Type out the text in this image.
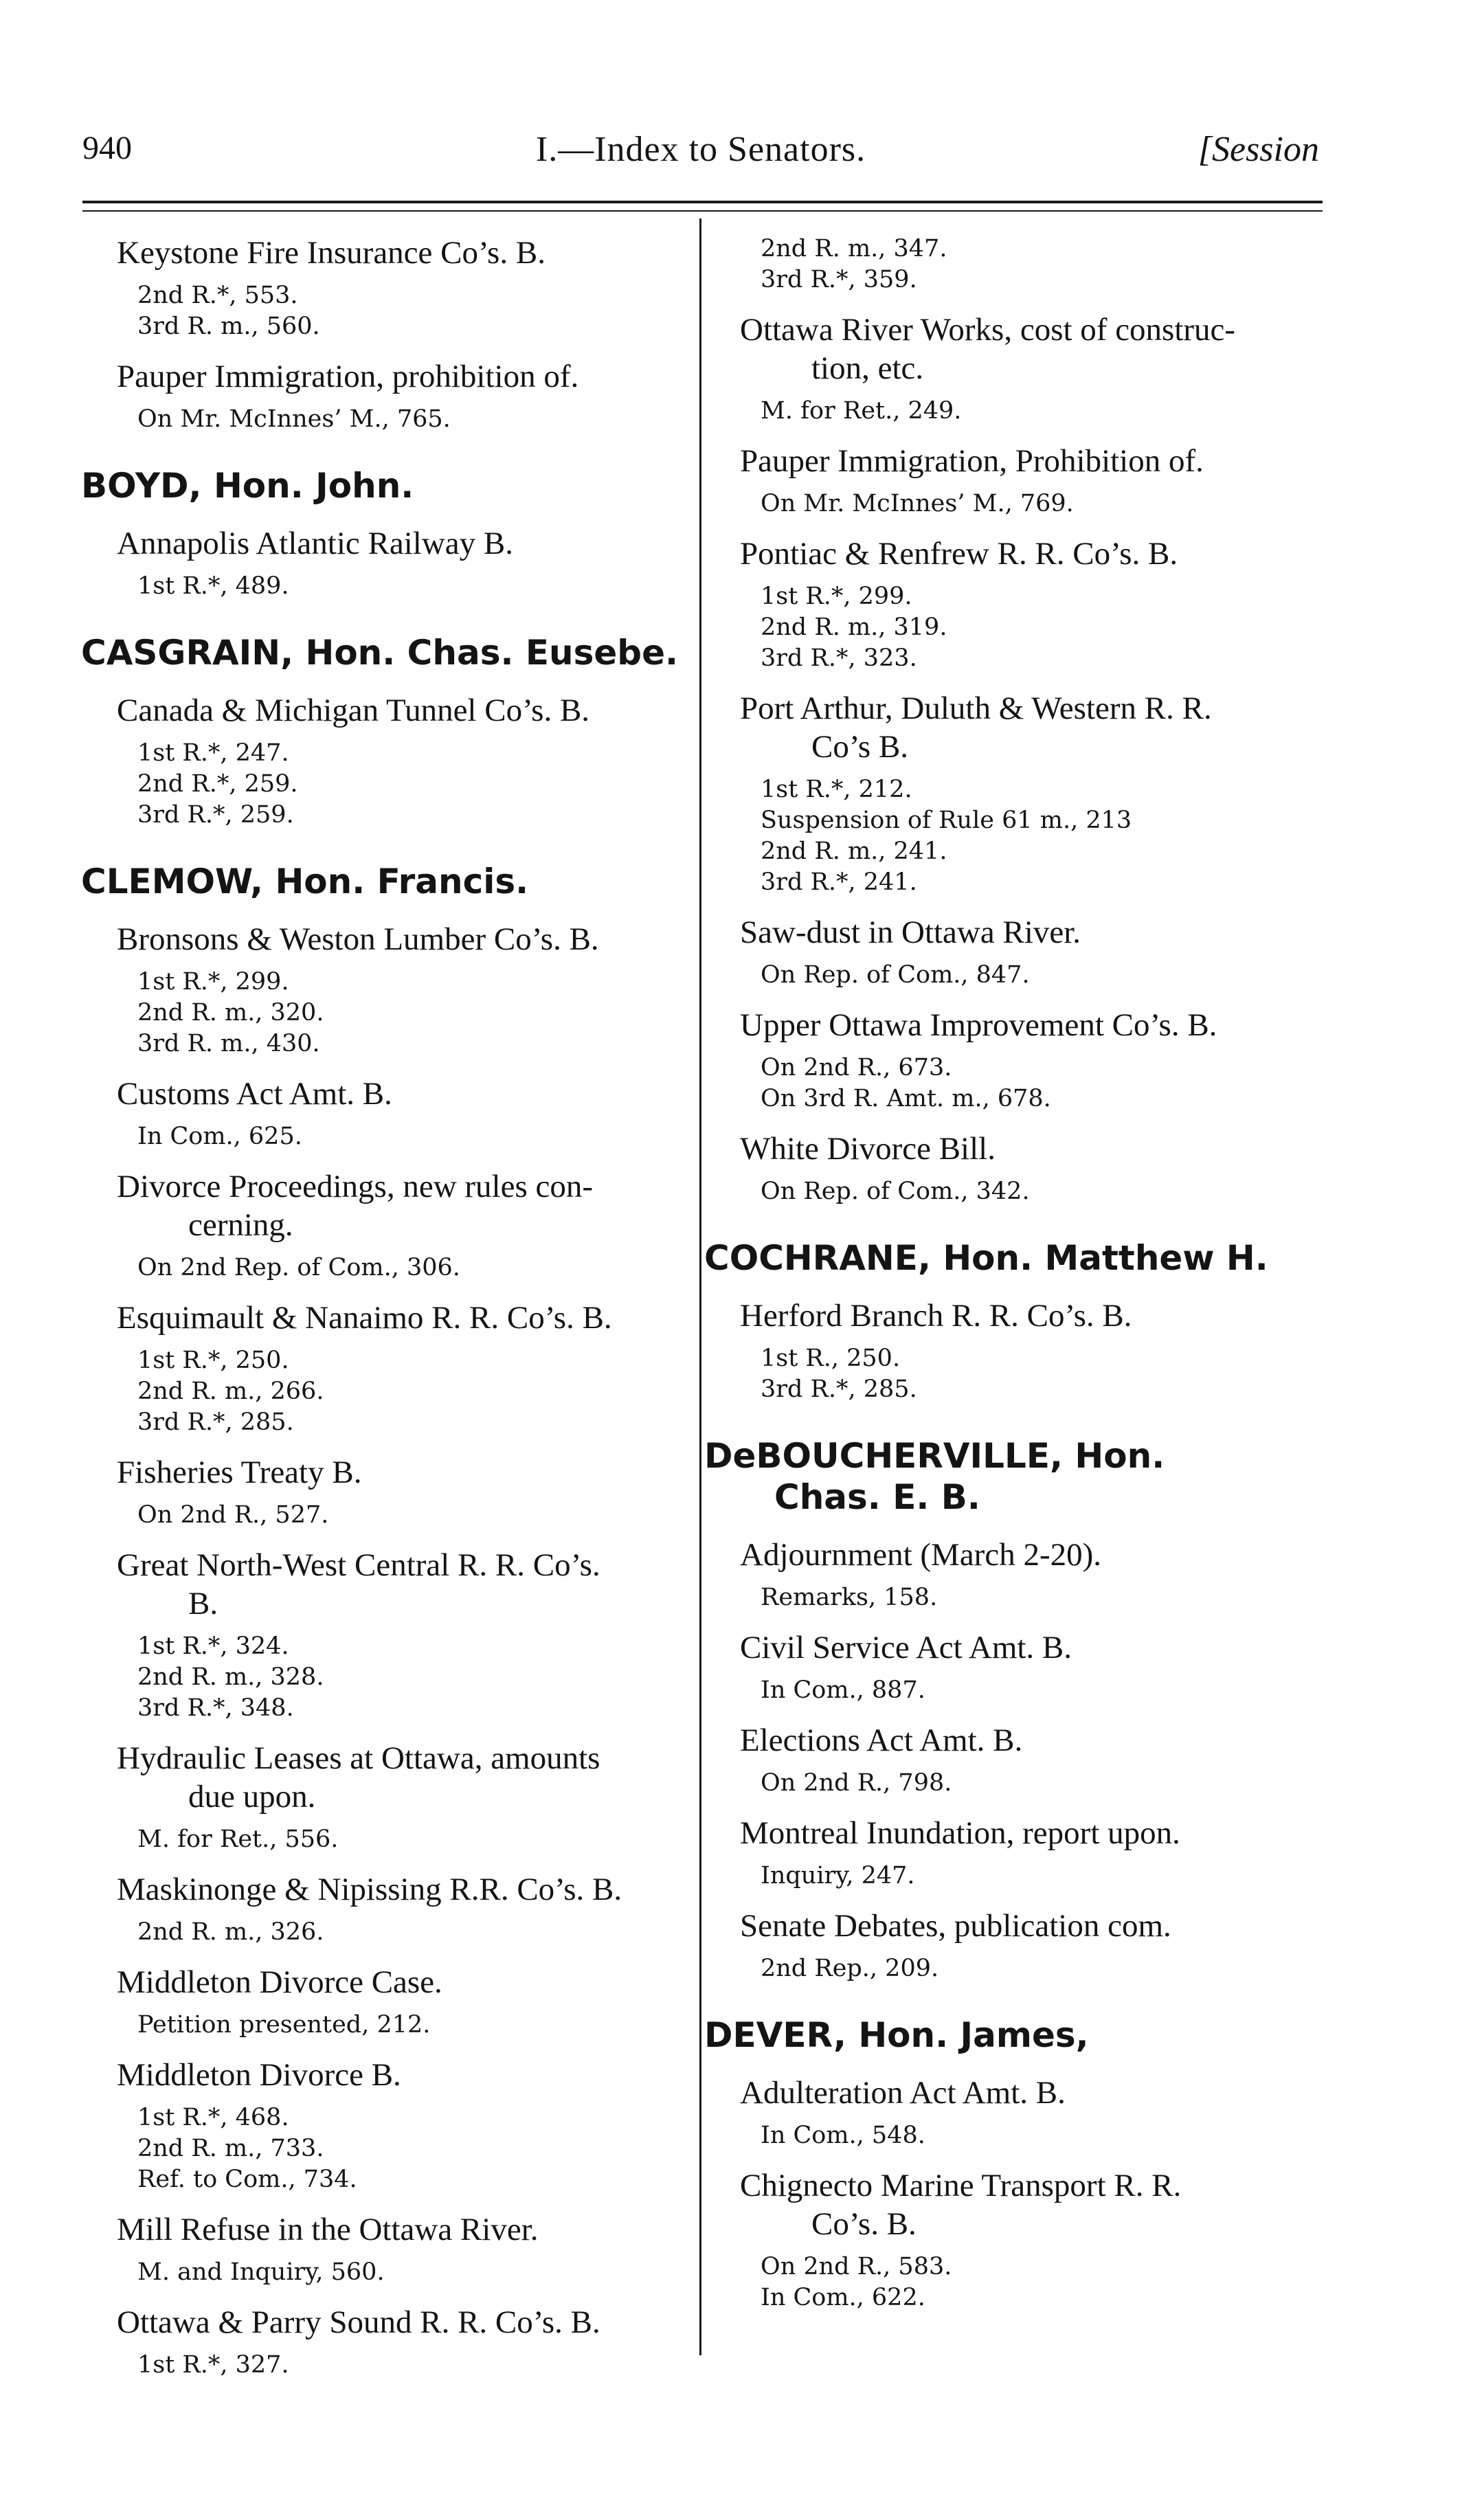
940	I.—Index to Senators.	[Session
Keystone Fire Insurance Co’s. B.
2nd R.*, 553.
3rd R. m., 560.
Pauper Immigration, prohibition of.
On Mr. McInnes’ M., 765.
BOYD, Hon. John.
Annapolis Atlantic Railway B.
1st R.*, 489.
CASGRAIN, Hon. Chas. Eusebe.
Canada & Michigan Tunnel Co’s. B.
1st R.*, 247.
2nd R.*, 259.
3rd R.*, 259.
CLEMOW, Hon. Francis.
Bronsons & Weston Lumber Co’s. B.
1st R.*, 299.
2nd R. m., 320.
3rd R. m., 430.
Customs Act Amt. B.
In Com., 625.
Divorce Proceedings, new rules con-
cerning.
On 2nd Rep. of Com., 306.
Esquimault & Nanaimo R. R. Co’s. B.
1st R.*, 250.
2nd R. m., 266.
3rd R.*, 285.
Fisheries Treaty B.
On 2nd R., 527.
Great North-West Central R. R. Co’s.
B.
1st R.*, 324.
2nd R. m., 328.
3rd R.*, 348.
Hydraulic Leases at Ottawa, amounts
due upon.
M. for Ret., 556.
Maskinonge & Nipissing R.R. Co’s. B.
2nd R. m., 326.
Middleton Divorce Case.
Petition presented, 212.
Middleton Divorce B.
1st R.*, 468.
2nd R. m., 733.
Ref. to Com., 734.
Mill Refuse in the Ottawa River.
M. and Inquiry, 560.
Ottawa & Parry Sound R. R. Co’s. B.
1st R.*, 327.
2nd R. m., 347.
3rd R.*, 359.
Ottawa River Works, cost of construc-
tion, etc.
M. for Ret., 249.
Pauper Immigration, Prohibition of.
On Mr. McInnes’ M., 769.
Pontiac & Renfrew R. R. Co’s. B.
1st R.*, 299.
2nd R. m., 319.
3rd R.*, 323.
Port Arthur, Duluth & Western R. R.
Co’s B.
1st R.*, 212.
Suspension of Rule 61 m., 213
2nd R. m., 241.
3rd R.*, 241.
Saw-dust in Ottawa River.
On Rep. of Com., 847.
Upper Ottawa Improvement Co’s. B.
On 2nd R., 673.
On 3rd R. Amt. m., 678.
White Divorce Bill.
On Rep. of Com., 342.
COCHRANE, Hon. Matthew H.
Herford Branch R. R. Co’s. B.
1st R., 250.
3rd R.*, 285.
DeBOUCHERVILLE, Hon.
Chas. E. B.
Adjournment (March 2-20).
Remarks, 158.
Civil Service Act Amt. B.
In Com., 887.
Elections Act Amt. B.
On 2nd R., 798.
Montreal Inundation, report upon.
Inquiry, 247.
Senate Debates, publication com.
2nd Rep., 209.
DEVER, Hon. James,
Adulteration Act Amt. B.
In Com., 548.
Chignecto Marine Transport R. R.
Co’s. B.
On 2nd R., 583.
In Com., 622.
